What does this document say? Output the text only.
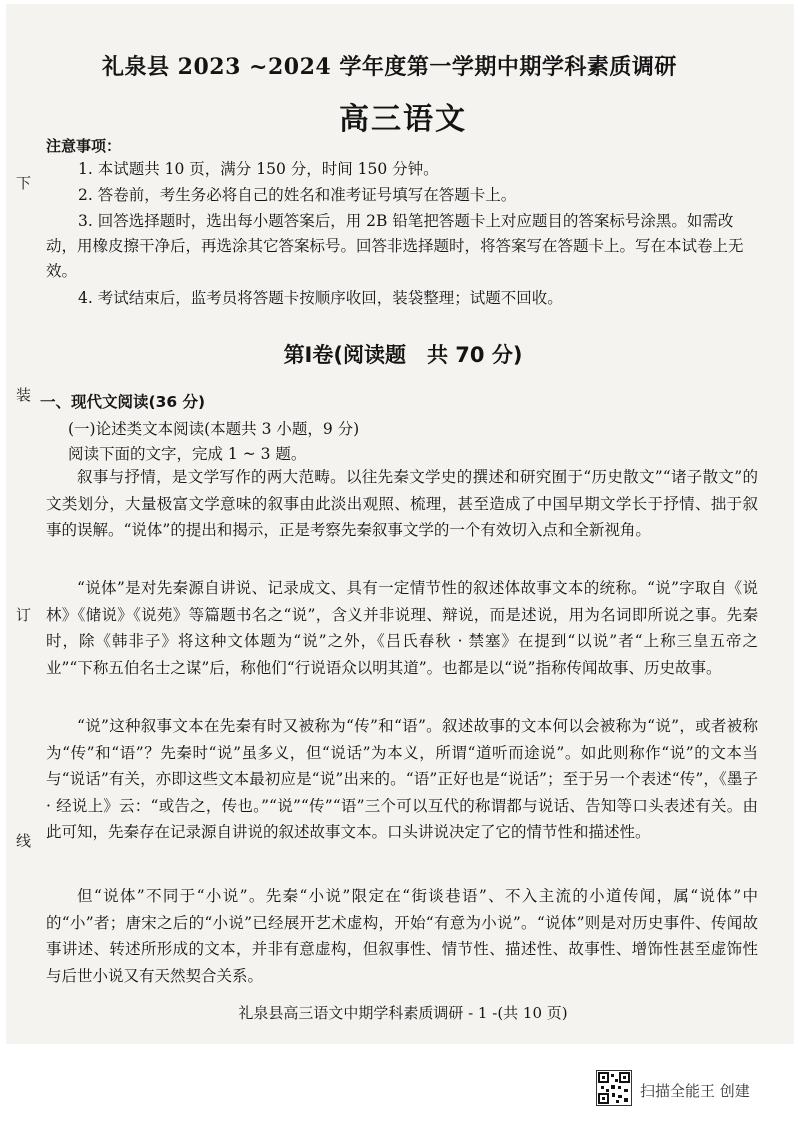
下
装
订
线
礼泉县 2023 ~2024 学年度第一学期中期学科素质调研
高三语文
注意事项：
1. 本试题共 10 页，满分 150 分，时间 150 分钟。
2. 答卷前，考生务必将自己的姓名和准考证号填写在答题卡上。
3. 回答选择题时，选出每小题答案后，用 2B 铅笔把答题卡上对应题目的答案标号涂黑。如需改动，用橡皮擦干净后，再选涂其它答案标号。回答非选择题时，将答案写在答题卡上。写在本试卷上无效。
4. 考试结束后，监考员将答题卡按顺序收回，装袋整理；试题不回收。
第Ⅰ卷(阅读题　共 70 分)
一、现代文阅读(36 分)
(一)论述类文本阅读(本题共 3 小题，9 分)
阅读下面的文字，完成 1 ~ 3 题。
叙事与抒情，是文学写作的两大范畴。以往先秦文学史的撰述和研究囿于“历史散文”“诸子散文”的文类划分，大量极富文学意味的叙事由此淡出观照、梳理，甚至造成了中国早期文学长于抒情、拙于叙事的误解。“说体”的提出和揭示，正是考察先秦叙事文学的一个有效切入点和全新视角。
“说体”是对先秦源自讲说、记录成文、具有一定情节性的叙述体故事文本的统称。“说”字取自《说林》《储说》《说苑》等篇题书名之“说”，含义并非说理、辩说，而是述说，用为名词即所说之事。先秦时，除《韩非子》将这种文体题为“说”之外，《吕氏春秋 · 禁塞》在提到“以说”者“上称三皇五帝之业”“下称五伯名士之谋”后，称他们“行说语众以明其道”。也都是以“说”指称传闻故事、历史故事。
“说”这种叙事文本在先秦有时又被称为“传”和“语”。叙述故事的文本何以会被称为“说”，或者被称为“传”和“语”？先秦时“说”虽多义，但“说话”为本义，所谓“道听而途说”。如此则称作“说”的文本当与“说话”有关，亦即这些文本最初应是“说”出来的。“语”正好也是“说话”；至于另一个表述“传”，《墨子 · 经说上》云：“或告之，传也。”“说”“传”“语”三个可以互代的称谓都与说话、告知等口头表述有关。由此可知，先秦存在记录源自讲说的叙述故事文本。口头讲说决定了它的情节性和描述性。
但“说体”不同于“小说”。先秦“小说”限定在“街谈巷语”、不入主流的小道传闻，属“说体”中的“小”者；唐宋之后的“小说”已经展开艺术虚构，开始“有意为小说”。“说体”则是对历史事件、传闻故事讲述、转述所形成的文本，并非有意虚构，但叙事性、情节性、描述性、故事性、增饰性甚至虚饰性与后世小说又有天然契合关系。
礼泉县高三语文中期学科素质调研 - 1 -(共 10 页)
扫描全能王 创建
